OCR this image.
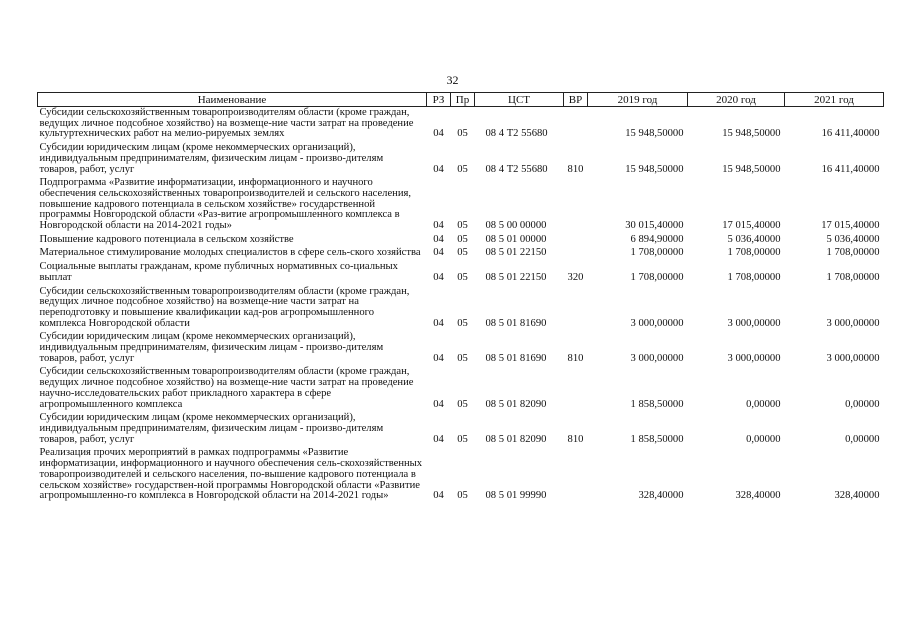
32
Наименование	РЗ	Пр	ЦСТ	ВР	2019 год	2020 год	2021 год
Субсидии сельскохозяйственным товаропроизводителям области (кроме граждан, ведущих личное подсобное хозяйство) на возмеще-ние части затрат на проведение культуртехнических работ на мелио-рируемых землях	04	05	08 4 Т2 55680		15 948,50000	15 948,50000	16 411,40000
Субсидии юридическим лицам (кроме некоммерческих организаций), индивидуальным предпринимателям, физическим лицам - произво-дителям товаров, работ, услуг	04	05	08 4 Т2 55680	810	15 948,50000	15 948,50000	16 411,40000
Подпрограмма «Развитие информатизации, информационного и научного обеспечения сельскохозяйственных товаропроизводителей и сельского населения, повышение кадрового потенциала в сельском хозяйстве» государственной программы Новгородской области «Раз-витие агропромышленного комплекса в Новгородской области на 2014-2021 годы»	04	05	08 5 00 00000		30 015,40000	17 015,40000	17 015,40000
Повышение кадрового потенциала в сельском хозяйстве	04	05	08 5 01 00000		6 894,90000	5 036,40000	5 036,40000
Материальное стимулирование молодых специалистов в сфере сель-ского хозяйства	04	05	08 5 01 22150		1 708,00000	1 708,00000	1 708,00000
Социальные выплаты гражданам, кроме публичных нормативных со-циальных выплат	04	05	08 5 01 22150	320	1 708,00000	1 708,00000	1 708,00000
Субсидии сельскохозяйственным товаропроизводителям области (кроме граждан, ведущих личное подсобное хозяйство) на возмеще-ние части затрат на переподготовку и повышение квалификации кад-ров агропромышленного комплекса Новгородской области	04	05	08 5 01 81690		3 000,00000	3 000,00000	3 000,00000
Субсидии юридическим лицам (кроме некоммерческих организаций), индивидуальным предпринимателям, физическим лицам - произво-дителям товаров, работ, услуг	04	05	08 5 01 81690	810	3 000,00000	3 000,00000	3 000,00000
Субсидии сельскохозяйственным товаропроизводителям области (кроме граждан, ведущих личное подсобное хозяйство) на возмеще-ние части затрат на проведение научно-исследовательских работ прикладного характера в сфере агропромышленного комплекса	04	05	08 5 01 82090		1 858,50000	0,00000	0,00000
Субсидии юридическим лицам (кроме некоммерческих организаций), индивидуальным предпринимателям, физическим лицам - произво-дителям товаров, работ, услуг	04	05	08 5 01 82090	810	1 858,50000	0,00000	0,00000
Реализация прочих мероприятий в рамках подпрограммы «Развитие информатизации, информационного и научного обеспечения сель-скохозяйственных товаропроизводителей и сельского населения, по-вышение кадрового потенциала в сельском хозяйстве» государствен-ной программы Новгородской области «Развитие агропромышленно-го комплекса в Новгородской области на 2014-2021 годы»	04	05	08 5 01 99990		328,40000	328,40000	328,40000
